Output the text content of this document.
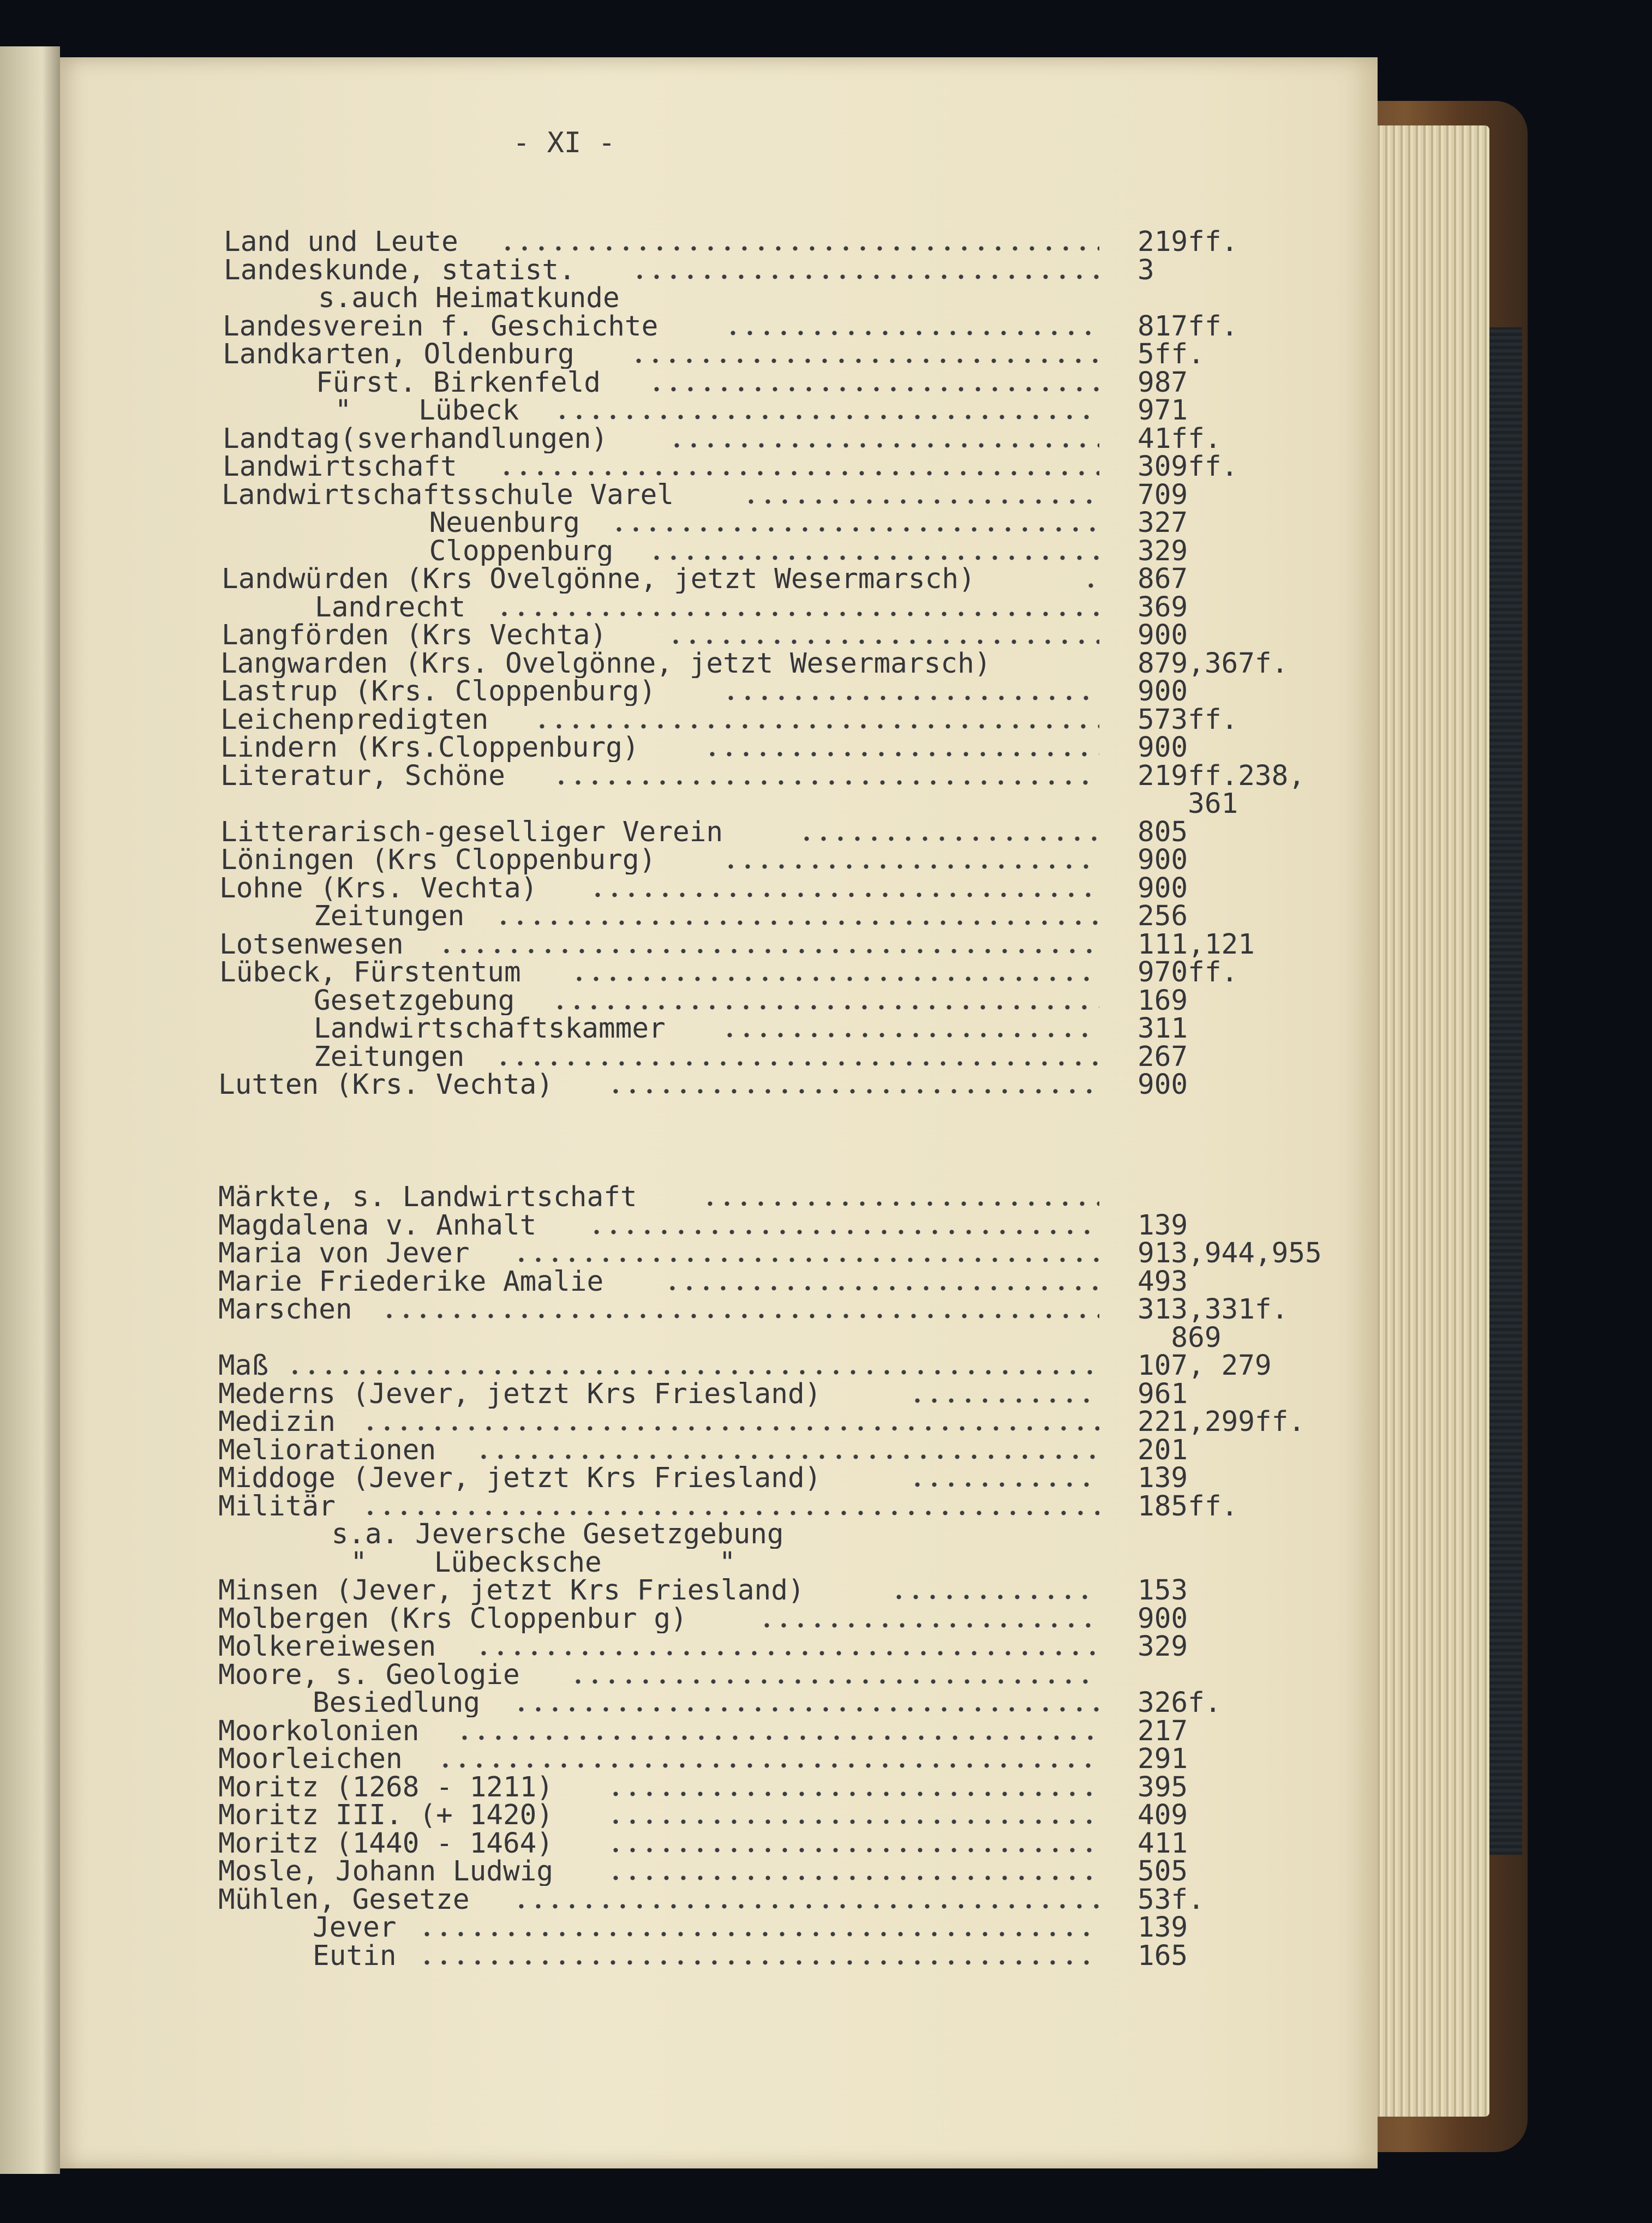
- XI -
Land und Leute	219ff.
Landeskunde, statist.	3
s.auch Heimatkunde
Landesverein f. Geschichte	817ff.
Landkarten, Oldenburg	5ff.
Fürst. Birkenfeld	987
"    Lübeck	971
Landtag(sverhandlungen)	41ff.
Landwirtschaft	309ff.
Landwirtschaftsschule Varel	709
Neuenburg	327
Cloppenburg	329
Landwürden (Krs Ovelgönne, jetzt Wesermarsch)	867
Landrecht	369
Langförden (Krs Vechta)	900
Langwarden (Krs. Ovelgönne, jetzt Wesermarsch)	879,367f.
Lastrup (Krs. Cloppenburg)	900
Leichenpredigten	573ff.
Lindern (Krs.Cloppenburg)	900
Literatur, Schöne	219ff.238,
361
Litterarisch-geselliger Verein	805
Löningen (Krs Cloppenburg)	900
Lohne (Krs. Vechta)	900
Zeitungen	256
Lotsenwesen	111,121
Lübeck, Fürstentum	970ff.
Gesetzgebung	169
Landwirtschaftskammer	311
Zeitungen	267
Lutten (Krs. Vechta)	900
Märkte, s. Landwirtschaft
Magdalena v. Anhalt	139
Maria von Jever	913,944,955
Marie Friederike Amalie	493
Marschen	313,331f.
869
Maß	107, 279
Mederns (Jever, jetzt Krs Friesland)	961
Medizin	221,299ff.
Meliorationen	201
Middoge (Jever, jetzt Krs Friesland)	139
Militär	185ff.
s.a. Jeversche Gesetzgebung
"    Lübecksche       "
Minsen (Jever, jetzt Krs Friesland)	153
Molbergen (Krs Cloppenbur g)	900
Molkereiwesen	329
Moore, s. Geologie
Besiedlung	326f.
Moorkolonien	217
Moorleichen	291
Moritz (1268 - 1211)	395
Moritz III. (+ 1420)	409
Moritz (1440 - 1464)	411
Mosle, Johann Ludwig	505
Mühlen, Gesetze	53f.
Jever	139
Eutin	165
